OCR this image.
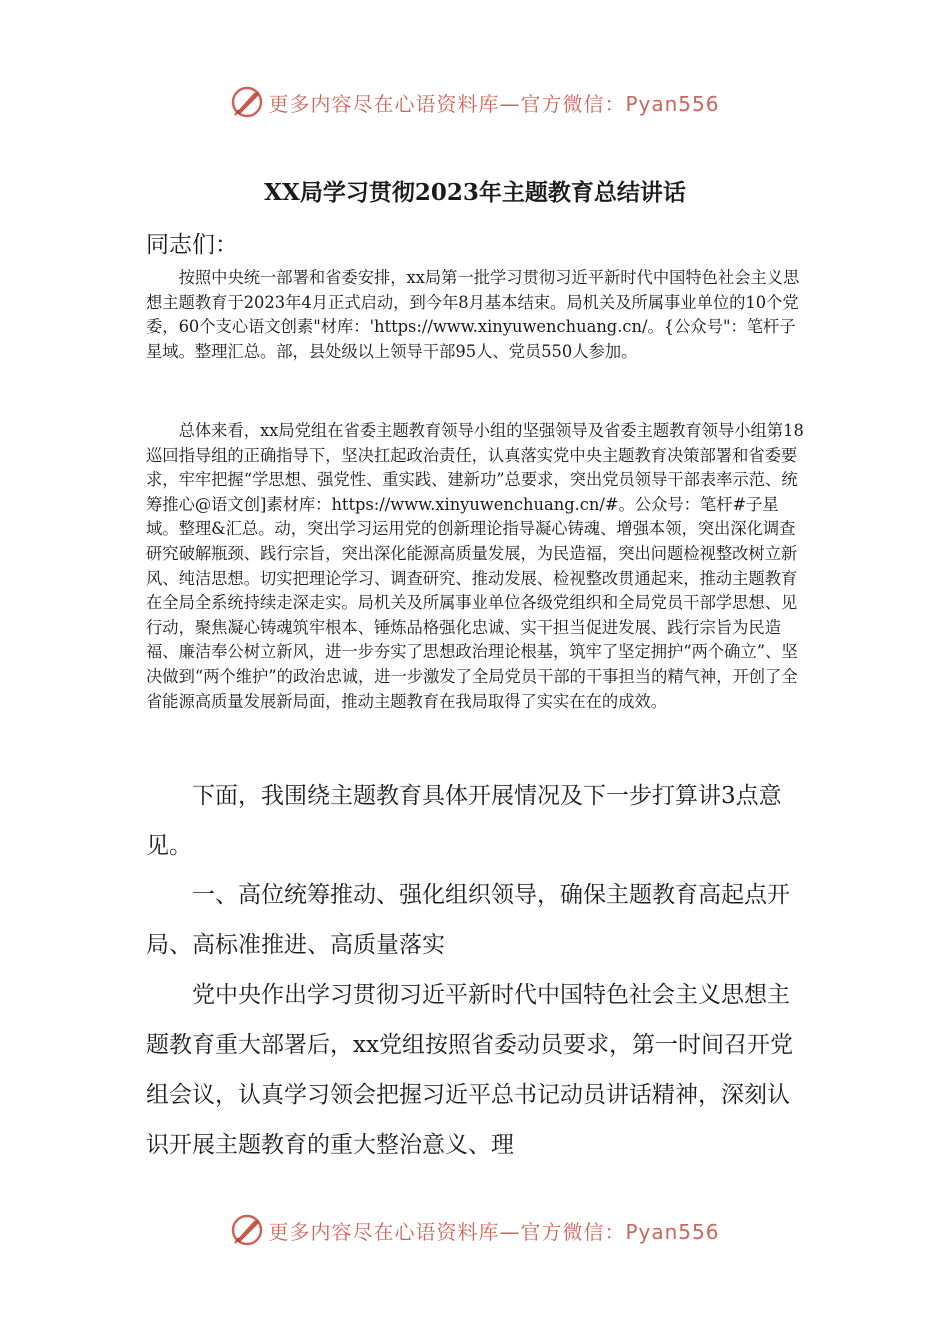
更多内容尽在心语资料库—官方微信：Pyan556
XX局学习贯彻2023年主题教育总结讲话
同志们：

按照中央统一部署和省委安排，xx局第一批学习贯彻习近平新时代中国特色社会主义思想主题教育于2023年4月正式启动，到今年8月基本结束。局机关及所属事业单位的10个党委，60个支心语文创素"材库：'https://www.xinyuwenchuang.cn/。{公众号"：笔杆子星域。整理汇总。部，县处级以上领导干部95人、党员550人参加。

总体来看，xx局党组在省委主题教育领导小组的坚强领导及省委主题教育领导小组第18巡回指导组的正确指导下，坚决扛起政治责任，认真落实党中央主题教育决策部署和省委要求，牢牢把握“学思想、强党性、重实践、建新功”总要求，突出党员领导干部表率示范、统筹推心@语文创]素材库：https://www.xinyuwenchuang.cn/#。公众号：笔杆#子星域。整理&汇总。动，突出学习运用党的创新理论指导凝心铸魂、增强本领，突出深化调查研究破解瓶颈、践行宗旨，突出深化能源高质量发展，为民造福，突出问题检视整改树立新风、纯洁思想。切实把理论学习、调查研究、推动发展、检视整改贯通起来，推动主题教育在全局全系统持续走深走实。局机关及所属事业单位各级党组织和全局党员干部学思想、见行动，聚焦凝心铸魂筑牢根本、锤炼品格强化忠诚、实干担当促进发展、践行宗旨为民造福、廉洁奉公树立新风，进一步夯实了思想政治理论根基，筑牢了坚定拥护“两个确立”、坚决做到“两个维护”的政治忠诚，进一步激发了全局党员干部的干事担当的精气神，开创了全省能源高质量发展新局面，推动主题教育在我局取得了实实在在的成效。

下面，我围绕主题教育具体开展情况及下一步打算讲3点意见。

一、高位统筹推动、强化组织领导，确保主题教育高起点开局、高标准推进、高质量落实

党中央作出学习贯彻习近平新时代中国特色社会主义思想主题教育重大部署后，xx党组按照省委动员要求，第一时间召开党组会议，认真学习领会把握习近平总书记动员讲话精神，深刻认识开展主题教育的重大整治意义、理

更多内容尽在心语资料库—官方微信：Pyan556
